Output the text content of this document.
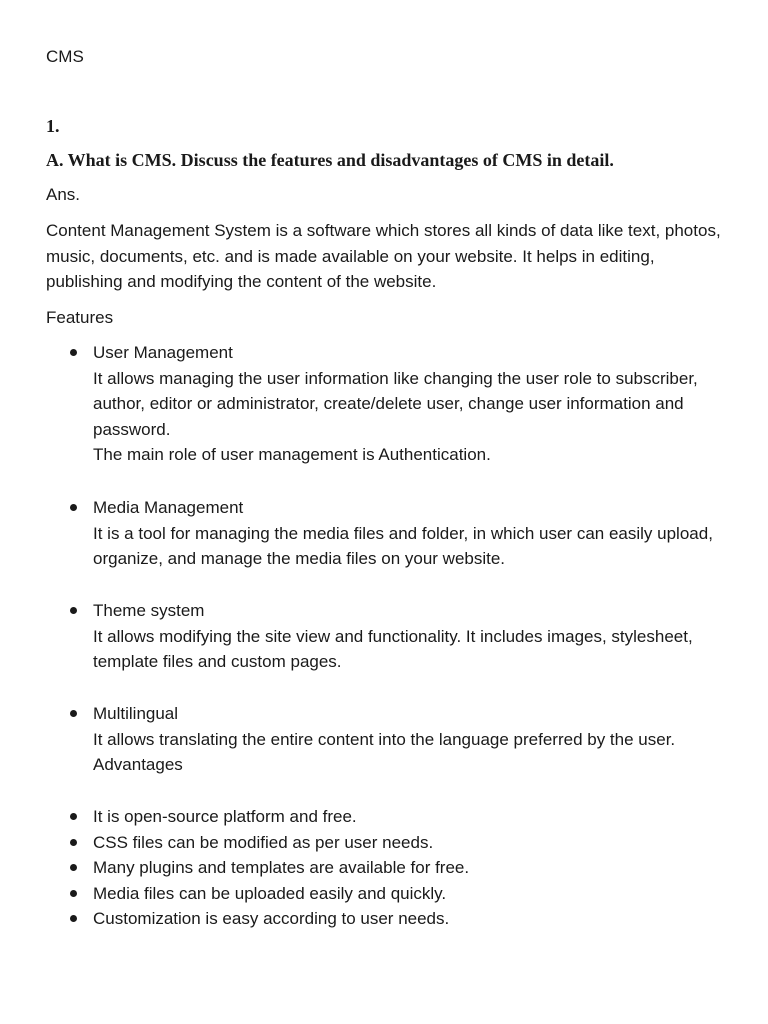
CMS
1.
A. What is CMS. Discuss the features and disadvantages of CMS in detail.
Ans.

Content Management System is a software which stores all kinds of data like text, photos, music, documents, etc. and is made available on your website. It helps in editing, publishing and modifying the content of the website.

Features
User Management

It allows managing the user information like changing the user role to subscriber, author, editor or administrator, create/delete user, change user information and password.

The main role of user management is Authentication.

Media Management

It is a tool for managing the media files and folder, in which user can easily upload, organize, and manage the media files on your website.

Theme system

It allows modifying the site view and functionality. It includes images, stylesheet, template files and custom pages.

Multilingual

It allows translating the entire content into the language preferred by the user.

Advantages

It is open-source platform and free.
CSS files can be modified as per user needs.
Many plugins and templates are available for free.
Media files can be uploaded easily and quickly.
Customization is easy according to user needs.
